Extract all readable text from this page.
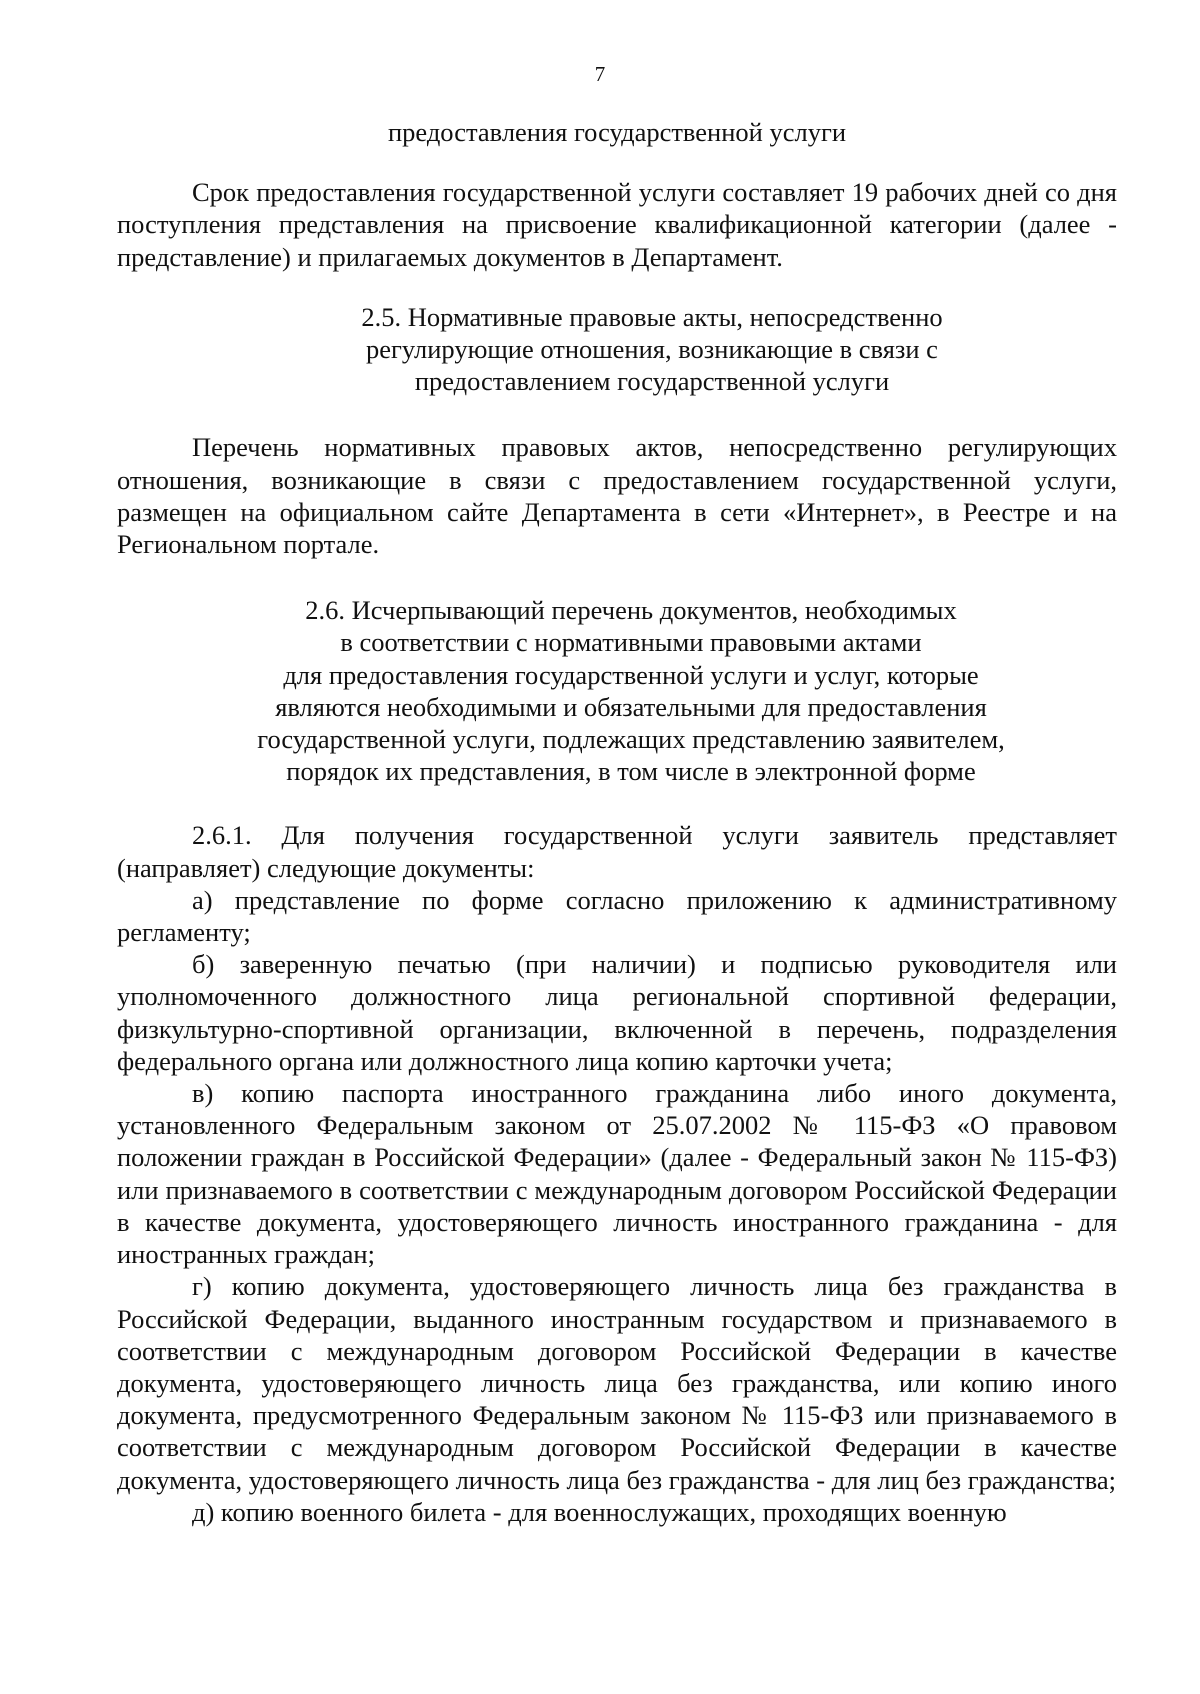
7

предоставления государственной услуги

Срок предоставления государственной услуги составляет 19 рабочих дней со дня поступления представления на присвоение квалификационной категории (далее - представление) и прилагаемых документов в Департамент.

2.5. Нормативные правовые акты, непосредственно
регулирующие отношения, возникающие в связи с
предоставлением государственной услуги

Перечень нормативных правовых актов, непосредственно регулирующих отношения, возникающие в связи с предоставлением государственной услуги, размещен на официальном сайте Департамента в сети «Интернет», в Реестре и на Региональном портале.

2.6. Исчерпывающий перечень документов, необходимых
в соответствии с нормативными правовыми актами
для предоставления государственной услуги и услуг, которые
являются необходимыми и обязательными для предоставления
государственной услуги, подлежащих представлению заявителем,
порядок их представления, в том числе в электронной форме

2.6.1. Для получения государственной услуги заявитель представляет (направляет) следующие документы:

а) представление по форме согласно приложению к административному регламенту;

б) заверенную печатью (при наличии) и подписью руководителя или уполномоченного должностного лица региональной спортивной федерации, физкультурно-спортивной организации, включенной в перечень, подразделения федерального органа или должностного лица копию карточки учета;

в) копию паспорта иностранного гражданина либо иного документа, установленного Федеральным законом от 25.07.2002 № 115-ФЗ «О правовом положении граждан в Российской Федерации» (далее - Федеральный закон № 115-ФЗ) или признаваемого в соответствии с международным договором Российской Федерации в качестве документа, удостоверяющего личность иностранного гражданина - для иностранных граждан;

г) копию документа, удостоверяющего личность лица без гражданства в Российской Федерации, выданного иностранным государством и признаваемого в соответствии с международным договором Российской Федерации в качестве документа, удостоверяющего личность лица без гражданства, или копию иного документа, предусмотренного Федеральным законом № 115-ФЗ или признаваемого в соответствии с международным договором Российской Федерации в качестве документа, удостоверяющего личность лица без гражданства - для лиц без гражданства;

д) копию военного билета - для военнослужащих, проходящих военную
